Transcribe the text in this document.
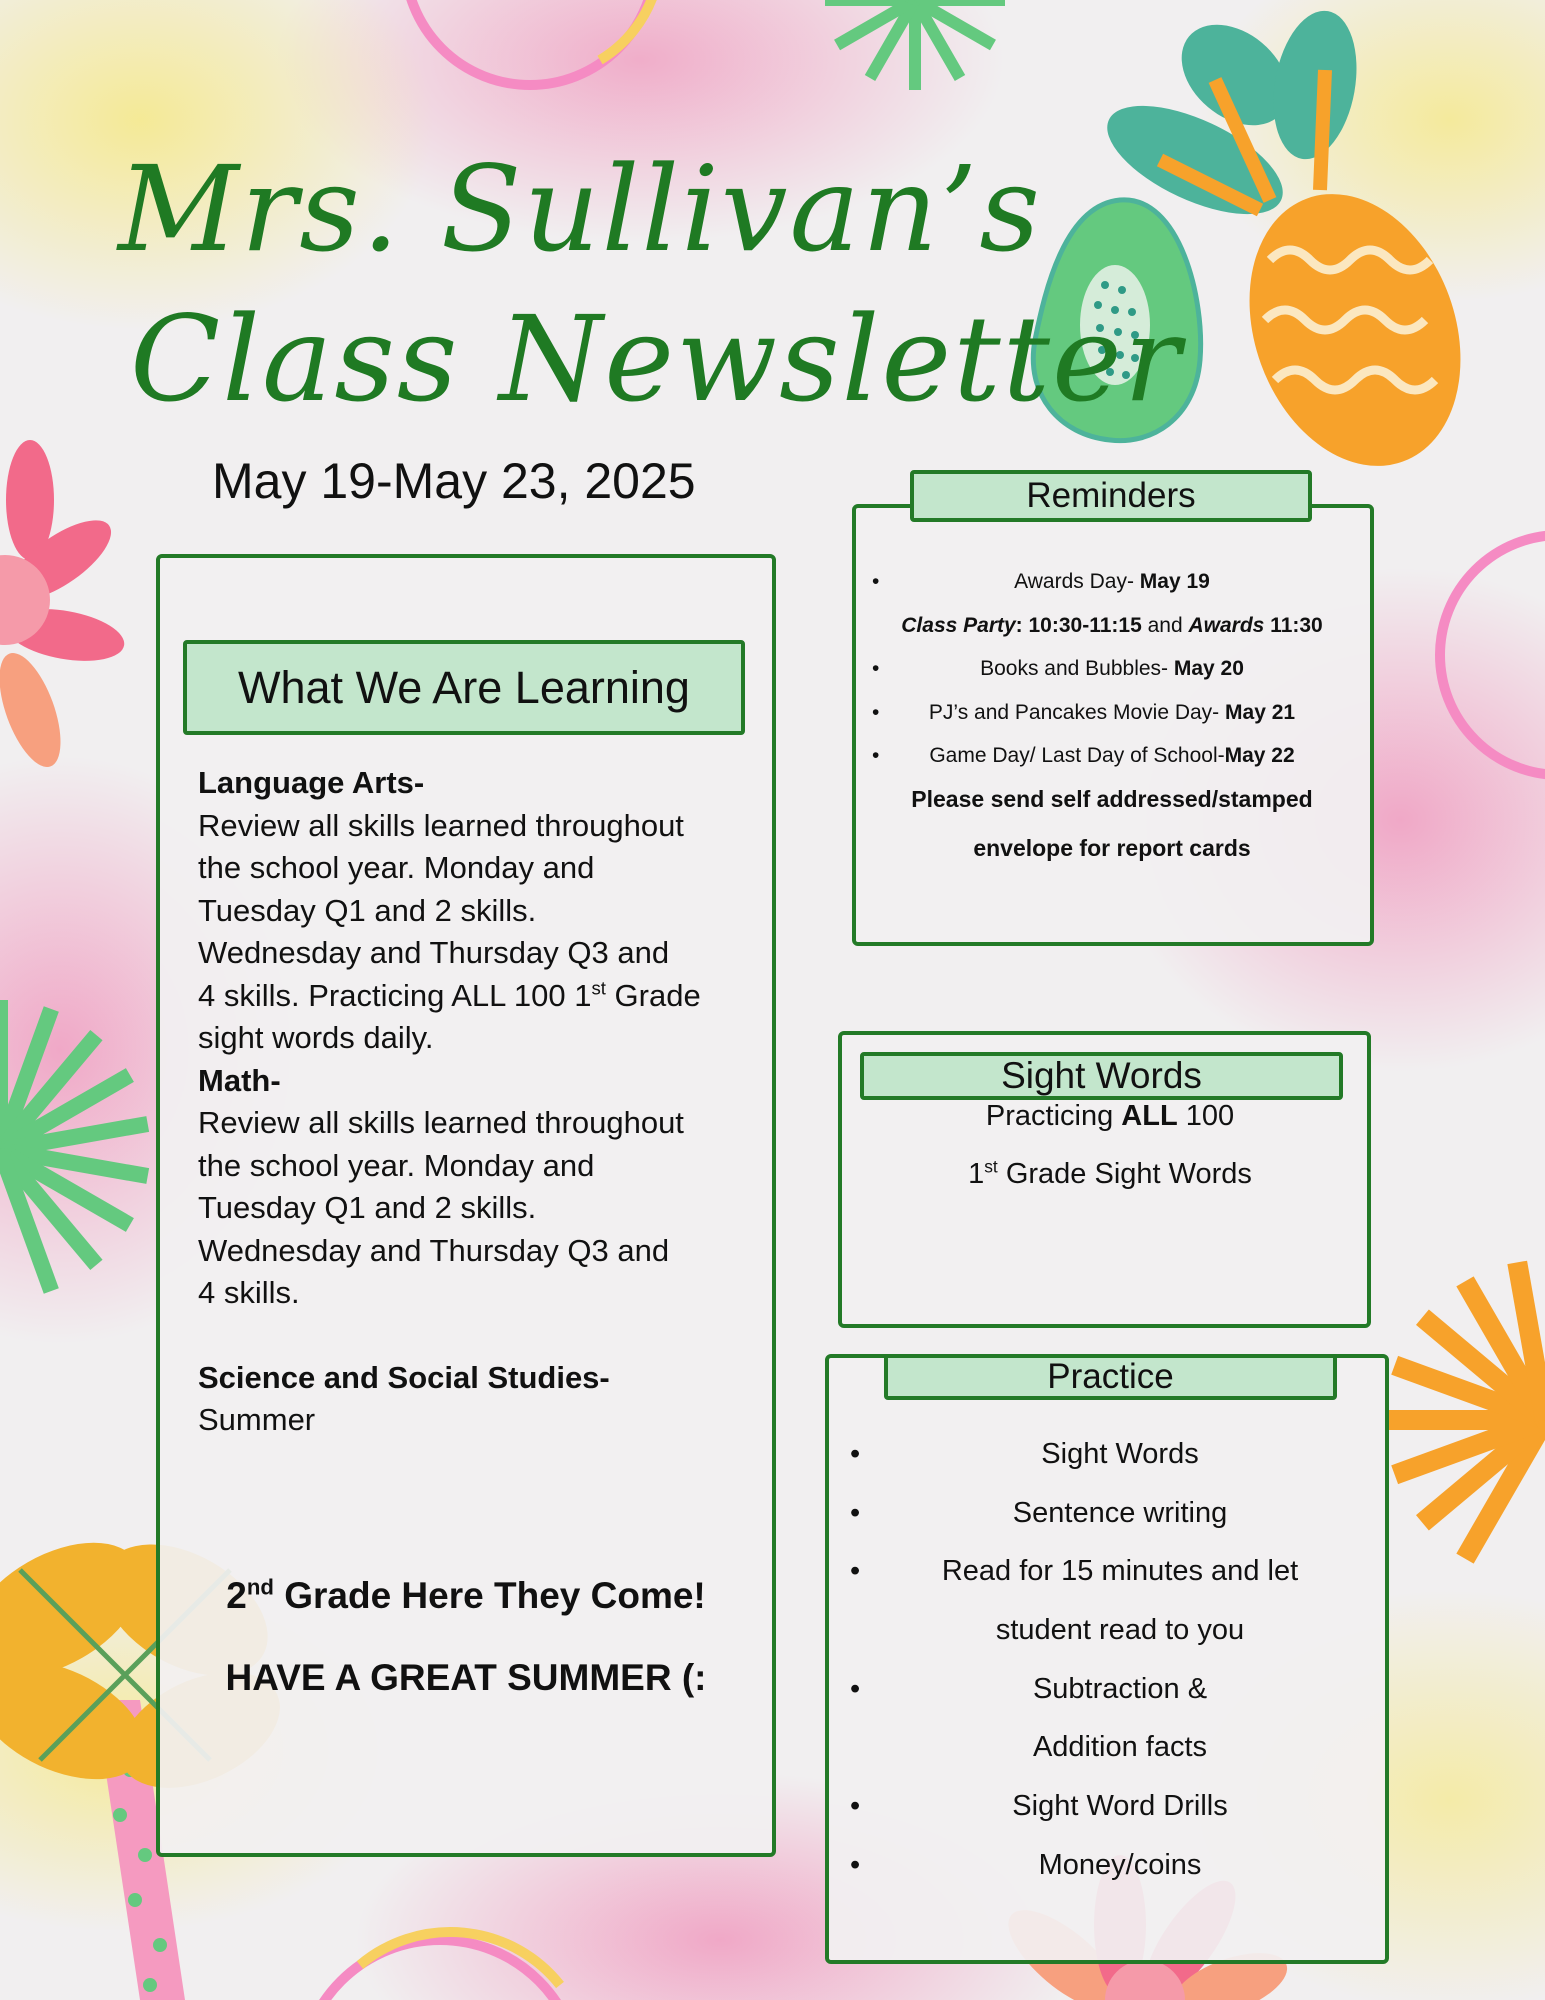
Mrs. Sullivan’s
Class Newsletter
May 19-May 23, 2025
What We Are Learning
Language Arts-
Review all skills learned throughout
the school year. Monday and
Tuesday Q1 and 2 skills.
Wednesday and Thursday Q3 and
4 skills. Practicing ALL 100 1st Grade
sight words daily.
Math-
Review all skills learned throughout
the school year. Monday and
Tuesday Q1 and 2 skills.
Wednesday and Thursday Q3 and
4 skills.
Science and Social Studies-
Summer
2nd Grade Here They Come!
HAVE A GREAT SUMMER (:
Reminders
•	Awards Day- May 19
Class Party: 10:30-11:15 and Awards 11:30
•	Books and Bubbles- May 20
• PJ’s and Pancakes Movie Day- May 21
• Game Day/ Last Day of School-May 22
Please send self addressed/stamped
envelope for report cards
Sight Words
Practicing ALL 100
1st Grade Sight Words
Practice
•	Sight Words
•	Sentence writing
•	Read for 15 minutes and let
student read to you
•	Subtraction &
Addition facts
•	Sight Word Drills
•	Money/coins
